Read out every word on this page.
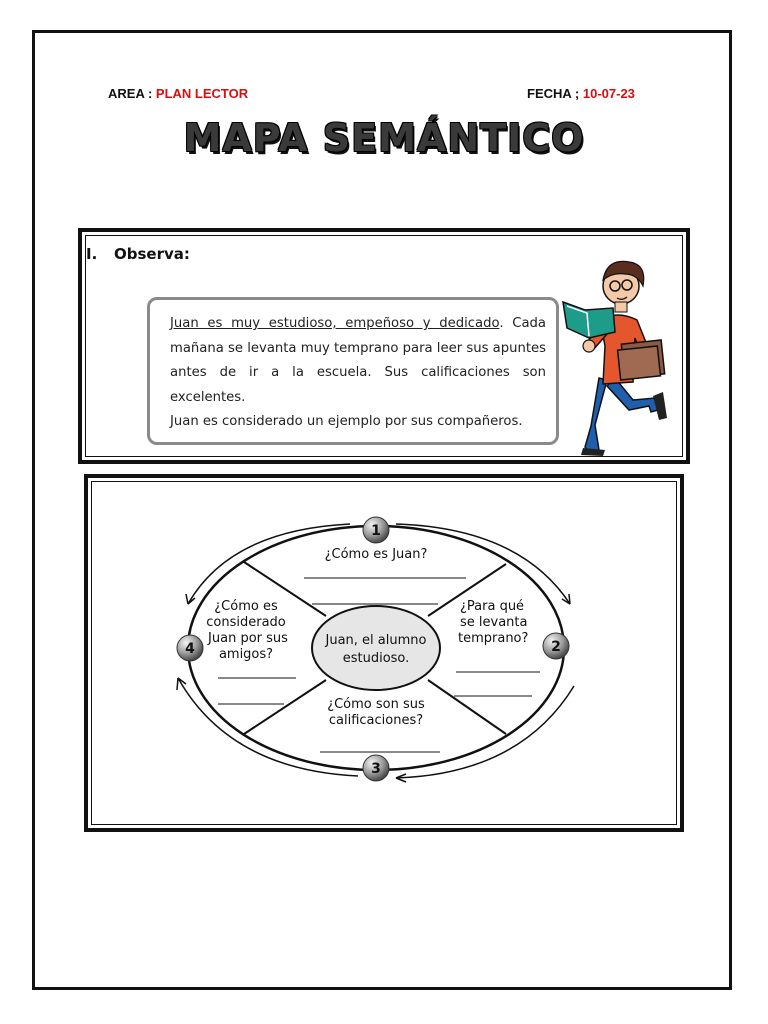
AREA : PLAN LECTOR	FECHA ; 10-07-23
MAPA SEMÁNTICO
I. Observa:
Juan es muy estudioso, empeñoso y dedicado. Cada mañana se levanta muy temprano para leer sus apuntes antes de ir a la escuela. Sus calificaciones son excelentes.
Juan es considerado un ejemplo por sus compañeros.
Juan, el alumno
estudioso.
¿Cómo es Juan?
¿Para qué
se levanta
temprano?
¿Cómo son sus
calificaciones?
¿Cómo es
considerado
Juan por sus
amigos?
1
2
3
4
